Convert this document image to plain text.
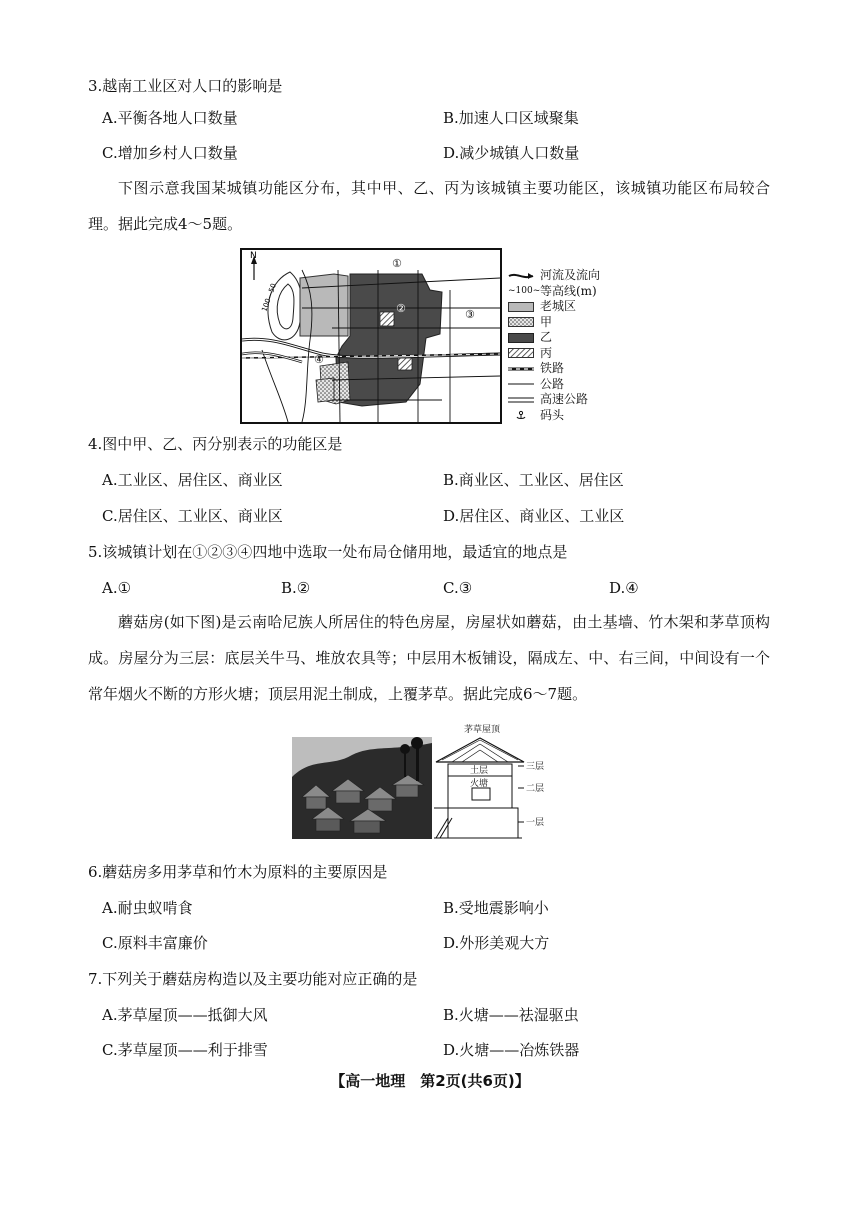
3.越南工业区对人口的影响是
A.平衡各地人口数量	B.加速人口区域聚集
C.增加乡村人口数量	D.减少城镇人口数量
下图示意我国某城镇功能区分布，其中甲、乙、丙为该城镇主要功能区，该城镇功能区布局较合理。据此完成4～5题。
N
100—50
①
②	③
④
河流及流向
~100~ 等高线(m)
老城区
甲
乙
丙
铁路
公路
高速公路
码头
4.图中甲、乙、丙分别表示的功能区是
A.工业区、居住区、商业区	B.商业区、工业区、居住区
C.居住区、工业区、商业区	D.居住区、商业区、工业区
5.该城镇计划在①②③④四地中选取一处布局仓储用地，最适宜的地点是
A.①	B.②	C.③	D.④
蘑菇房(如下图)是云南哈尼族人所居住的特色房屋，房屋状如蘑菇，由土基墙、竹木架和茅草顶构成。房屋分为三层：底层关牛马、堆放农具等；中层用木板铺设，隔成左、中、右三间，中间设有一个常年烟火不断的方形火塘；顶层用泥土制成，上覆茅草。据此完成6～7题。
茅草屋顶
土层
火塘
三层
二层
一层
6.蘑菇房多用茅草和竹木为原料的主要原因是
A.耐虫蚁啃食	B.受地震影响小
C.原料丰富廉价	D.外形美观大方
7.下列关于蘑菇房构造以及主要功能对应正确的是
A.茅草屋顶——抵御大风	B.火塘——祛湿驱虫
C.茅草屋顶——利于排雪	D.火塘——冶炼铁器
【高一地理　第2页(共6页)】
